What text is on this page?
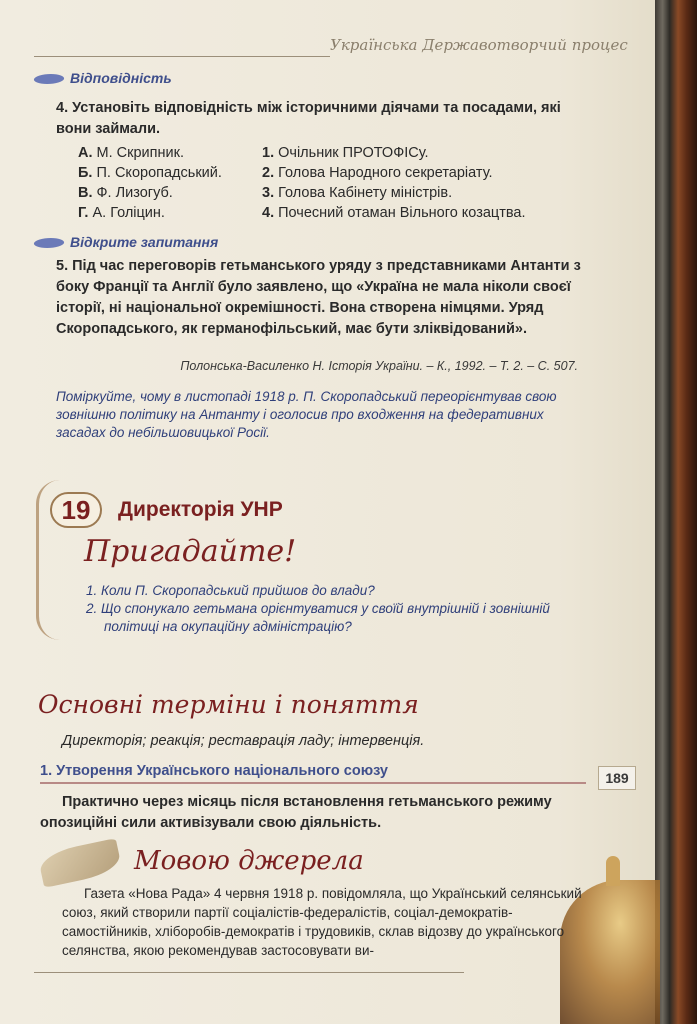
Українська Державотворчий процес
Відповідність
4. Установіть відповідність між історичними діячами та посадами, які вони займали.
А. М. Скрипник.
Б. П. Скоропадський.
В. Ф. Лизогуб.
Г. А. Голіцин.
1. Очільник ПРОТОФІСу.
2. Голова Народного секретаріату.
3. Голова Кабінету міністрів.
4. Почесний отаман Вільного козацтва.
Відкрите запитання
5. Під час переговорів гетьманського уряду з представниками Антанти з боку Франції та Англії було заявлено, що «Україна не мала ніколи своєї історії, ні національної окремішності. Вона створена німцями. Уряд Скоропадського, як германофільський, має бути зліквідований».
Полонська-Василенко Н. Історія України. – К., 1992. – Т. 2. – С. 507.
Поміркуйте, чому в листопаді 1918 р. П. Скоропадський переорієнтував свою зовнішню політику на Антанту і оголосив про входження на федеративних засадах до небільшовицької Росії.
19	Директорія УНР
Пригадайте!
1. Коли П. Скоропадський прийшов до влади?
2. Що спонукало гетьмана орієнтуватися у своїй внутрішній і зовнішній політиці на окупаційну адміністрацію?
Основні терміни і поняття
Директорія; реакція; реставрація ладу; інтервенція.
1. Утворення Українського національного союзу
Практично через місяць після встановлення гетьманського режиму опозиційні сили активізували свою діяльність.
Мовою джерела
Газета «Нова Рада» 4 червня 1918 р. повідомляла, що Український селянський союз, який створили партії соціалістів-федералістів, соціал-демократів-самостійників, хліборобів-демократів і трудовиків, склав відозву до українського селянства, якою рекомендував застосовувати ви-
189
